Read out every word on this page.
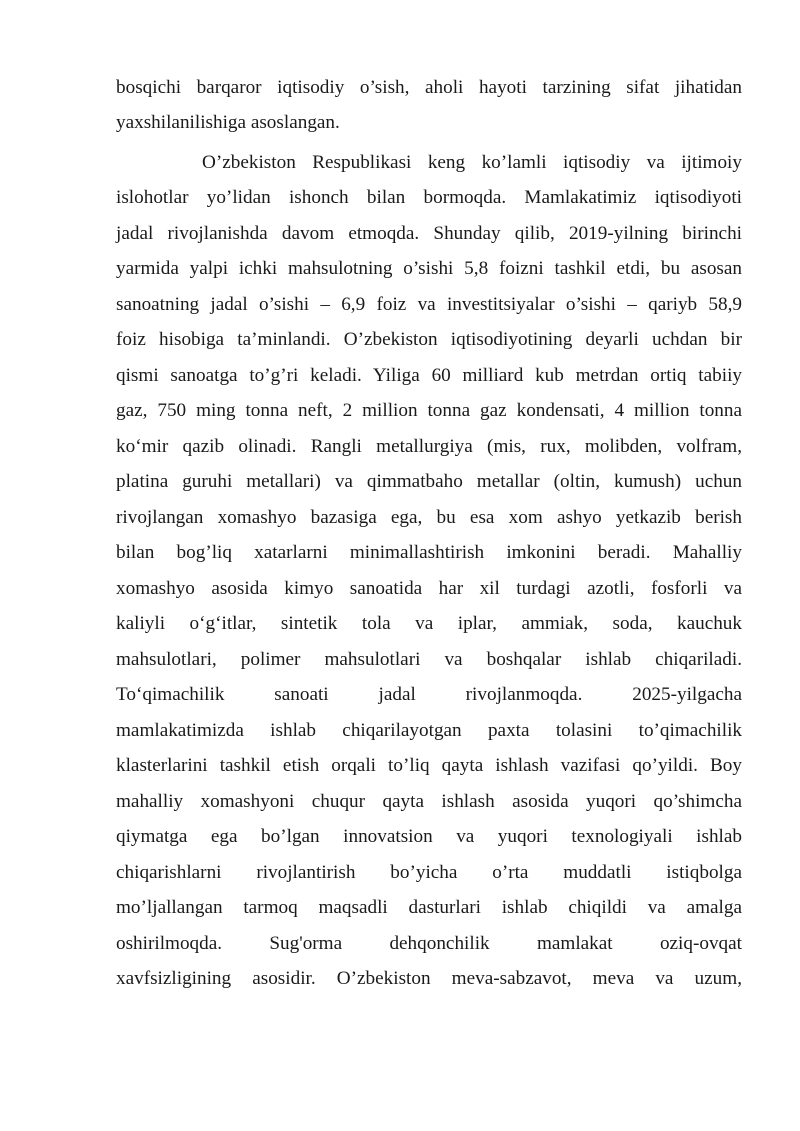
bosqichi barqaror iqtisodiy o’sish, aholi hayoti tarzining sifat jihatidan
yaxshilanilishiga asoslangan.
O’zbekiston Respublikasi keng ko’lamli iqtisodiy va ijtimoiy
islohotlar yo’lidan ishonch bilan bormoqda. Mamlakatimiz iqtisodiyoti
jadal rivojlanishda davom etmoqda. Shunday qilib, 2019-yilning birinchi
yarmida yalpi ichki mahsulotning o’sishi 5,8 foizni tashkil etdi, bu asosan
sanoatning jadal o’sishi – 6,9 foiz va investitsiyalar o’sishi – qariyb 58,9
foiz hisobiga ta’minlandi. O’zbekiston iqtisodiyotining deyarli uchdan bir
qismi sanoatga to’g’ri keladi. Yiliga 60 milliard kub metrdan ortiq tabiiy
gaz, 750 ming tonna neft, 2 million tonna gaz kondensati, 4 million tonna
ko‘mir qazib olinadi. Rangli metallurgiya (mis, rux, molibden, volfram,
platina guruhi metallari) va qimmatbaho metallar (oltin, kumush) uchun
rivojlangan xomashyo bazasiga ega, bu esa xom ashyo yetkazib berish
bilan bog’liq xatarlarni minimallashtirish imkonini beradi. Mahalliy
xomashyo asosida kimyo sanoatida har xil turdagi azotli, fosforli va
kaliyli o‘g‘itlar, sintetik tola va iplar, ammiak, soda, kauchuk
mahsulotlari, polimer mahsulotlari va boshqalar ishlab chiqariladi.
To‘qimachilik sanoati jadal rivojlanmoqda. 2025-yilgacha
mamlakatimizda ishlab chiqarilayotgan paxta tolasini to’qimachilik
klasterlarini tashkil etish orqali to’liq qayta ishlash vazifasi qo’yildi. Boy
mahalliy xomashyoni chuqur qayta ishlash asosida yuqori qo’shimcha
qiymatga ega bo’lgan innovatsion va yuqori texnologiyali ishlab
chiqarishlarni rivojlantirish bo’yicha o’rta muddatli istiqbolga
mo’ljallangan tarmoq maqsadli dasturlari ishlab chiqildi va amalga
oshirilmoqda. Sug'orma dehqonchilik mamlakat oziq-ovqat
xavfsizligining asosidir. O’zbekiston meva-sabzavot, meva va uzum,
